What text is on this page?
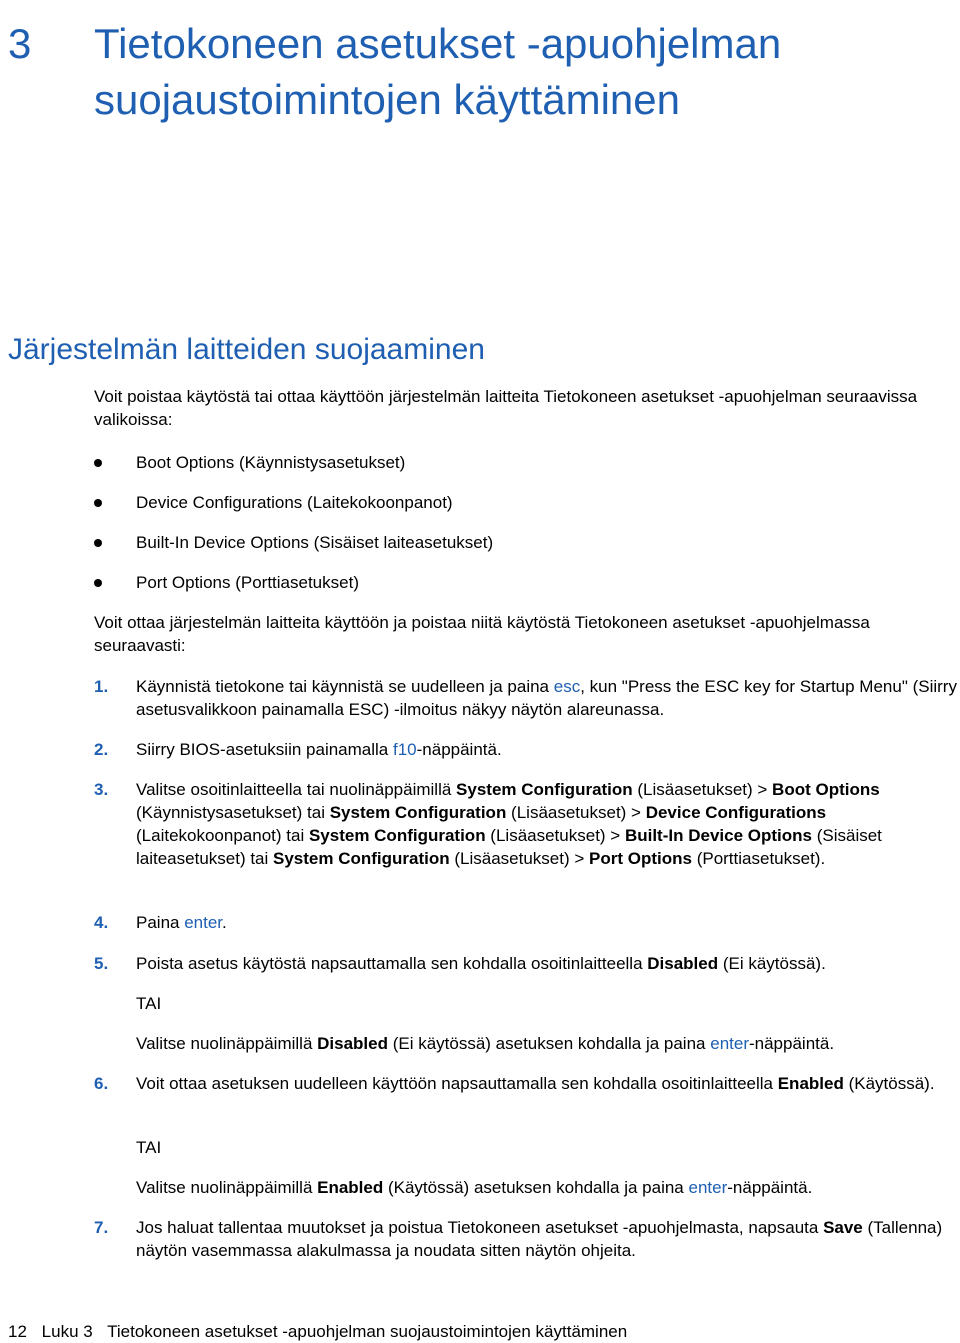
3 Tietokoneen asetukset -apuohjelman suojaustoimintojen käyttäminen
Järjestelmän laitteiden suojaaminen
Voit poistaa käytöstä tai ottaa käyttöön järjestelmän laitteita Tietokoneen asetukset -apuohjelman seuraavissa valikoissa:
Boot Options (Käynnistysasetukset)
Device Configurations (Laitekokoonpanot)
Built-In Device Options (Sisäiset laiteasetukset)
Port Options (Porttiasetukset)
Voit ottaa järjestelmän laitteita käyttöön ja poistaa niitä käytöstä Tietokoneen asetukset -apuohjelmassa seuraavasti:
1. Käynnistä tietokone tai käynnistä se uudelleen ja paina esc, kun "Press the ESC key for Startup Menu" (Siirry asetusvalikkoon painamalla ESC) -ilmoitus näkyy näytön alareunassa.
2. Siirry BIOS-asetuksiin painamalla f10-näppäintä.
3. Valitse osoitinlaitteella tai nuolinäppäimillä System Configuration (Lisäasetukset) > Boot Options (Käynnistysasetukset) tai System Configuration (Lisäasetukset) > Device Configurations (Laitekokoonpanot) tai System Configuration (Lisäasetukset) > Built-In Device Options (Sisäiset laiteasetukset) tai System Configuration (Lisäasetukset) > Port Options (Porttiasetukset).
4. Paina enter.
5. Poista asetus käytöstä napsauttamalla sen kohdalla osoitinlaitteella Disabled (Ei käytössä).
TAI
Valitse nuolinäppäimillä Disabled (Ei käytössä) asetuksen kohdalla ja paina enter-näppäintä.
6. Voit ottaa asetuksen uudelleen käyttöön napsauttamalla sen kohdalla osoitinlaitteella Enabled (Käytössä).
TAI
Valitse nuolinäppäimillä Enabled (Käytössä) asetuksen kohdalla ja paina enter-näppäintä.
7. Jos haluat tallentaa muutokset ja poistua Tietokoneen asetukset -apuohjelmasta, napsauta Save (Tallenna) näytön vasemmassa alakulmassa ja noudata sitten näytön ohjeita.
12 Luku 3 Tietokoneen asetukset -apuohjelman suojaustoimintojen käyttäminen
